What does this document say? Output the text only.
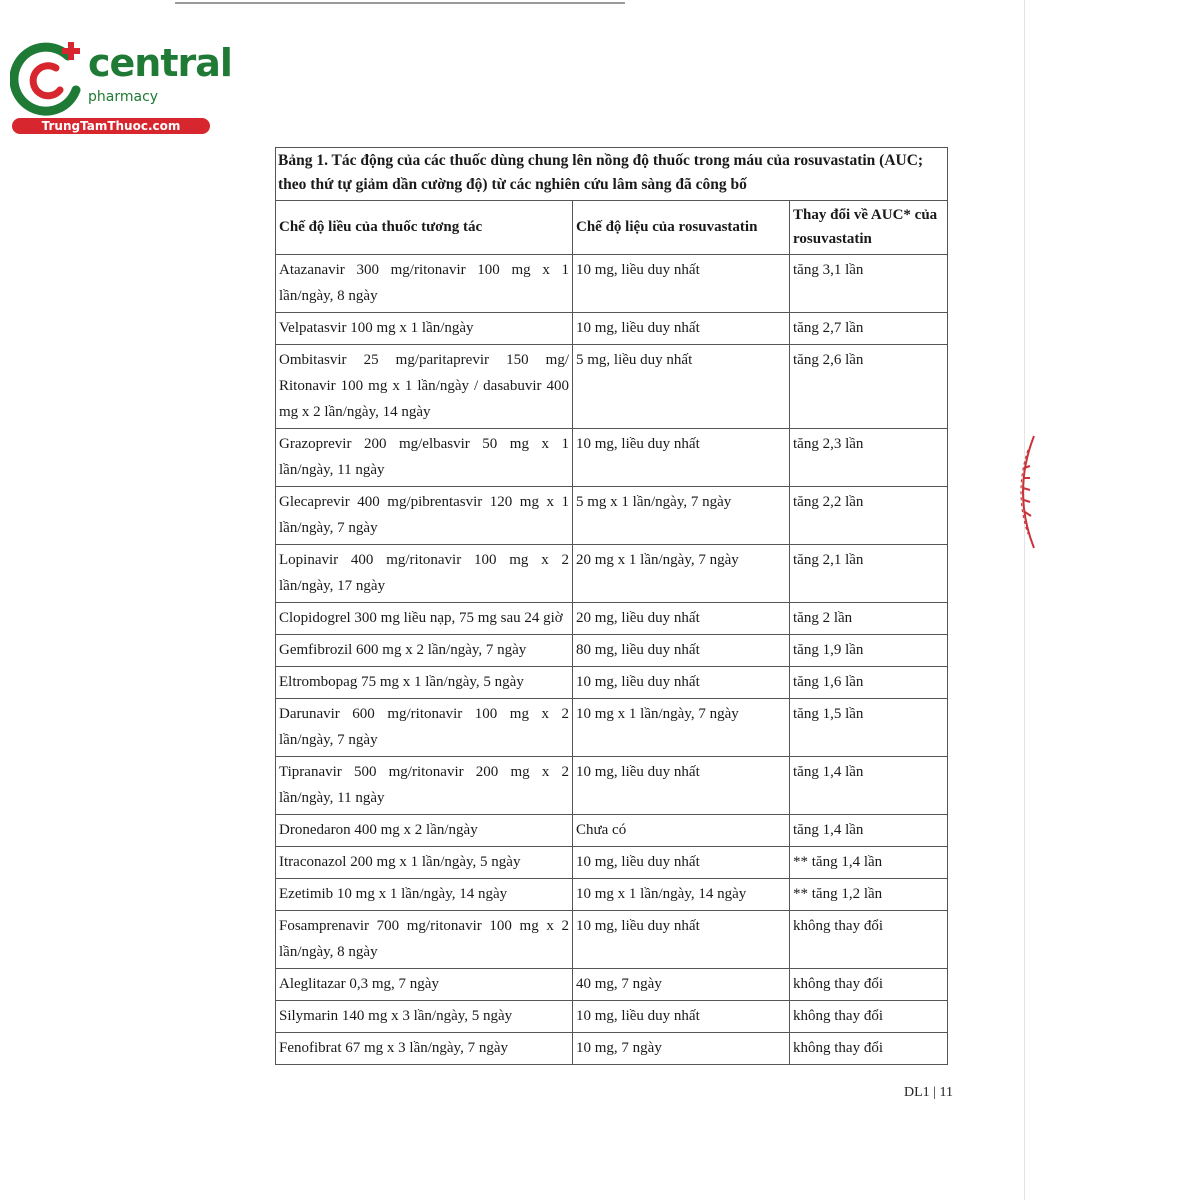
central
pharmacy
TrungTamThuoc.com
Bảng 1. Tác động của các thuốc dùng chung lên nồng độ thuốc trong máu của rosuvastatin (AUC; theo thứ tự giảm dần cường độ) từ các nghiên cứu lâm sàng đã công bố		
Chế độ liều của thuốc tương tác	Chế độ liệu của rosuvastatin	Thay đổi về AUC* của rosuvastatin
Atazanavir 300 mg/ritonavir 100 mg x 1 lần/ngày, 8 ngày	10 mg, liều duy nhất	tăng 3,1 lần
Velpatasvir 100 mg x 1 lần/ngày	10 mg, liều duy nhất	tăng 2,7 lần
Ombitasvir 25 mg/paritaprevir 150 mg/ Ritonavir 100 mg x 1 lần/ngày / dasabuvir 400 mg x 2 lần/ngày, 14 ngày	5 mg, liều duy nhất	tăng 2,6 lần
Grazoprevir 200 mg/elbasvir 50 mg x 1 lần/ngày, 11 ngày	10 mg, liều duy nhất	tăng 2,3 lần
Glecaprevir 400 mg/pibrentasvir 120 mg x 1 lần/ngày, 7 ngày	5 mg x 1 lần/ngày, 7 ngày	tăng 2,2 lần
Lopinavir 400 mg/ritonavir 100 mg x 2 lần/ngày, 17 ngày	20 mg x 1 lần/ngày, 7 ngày	tăng 2,1 lần
Clopidogrel 300 mg liều nạp, 75 mg sau 24 giờ	20 mg, liều duy nhất	tăng 2 lần
Gemfibrozil 600 mg x 2 lần/ngày, 7 ngày	80 mg, liều duy nhất	tăng 1,9 lần
Eltrombopag 75 mg x 1 lần/ngày, 5 ngày	10 mg, liều duy nhất	tăng 1,6 lần
Darunavir 600 mg/ritonavir 100 mg x 2 lần/ngày, 7 ngày	10 mg x 1 lần/ngày, 7 ngày	tăng 1,5 lần
Tipranavir 500 mg/ritonavir 200 mg x 2 lần/ngày, 11 ngày	10 mg, liều duy nhất	tăng 1,4 lần
Dronedaron 400 mg x 2 lần/ngày	Chưa có	tăng 1,4 lần
Itraconazol 200 mg x 1 lần/ngày, 5 ngày	10 mg, liều duy nhất	** tăng 1,4 lần
Ezetimib 10 mg x 1 lần/ngày, 14 ngày	10 mg x 1 lần/ngày, 14 ngày	** tăng 1,2 lần
Fosamprenavir 700 mg/ritonavir 100 mg x 2 lần/ngày, 8 ngày	10 mg, liều duy nhất	không thay đổi
Aleglitazar 0,3 mg, 7 ngày	40 mg, 7 ngày	không thay đổi
Silymarin 140 mg x 3 lần/ngày, 5 ngày	10 mg, liều duy nhất	không thay đổi
Fenofibrat 67 mg x 3 lần/ngày, 7 ngày	10 mg, 7 ngày	không thay đổi
DL1 | 11
